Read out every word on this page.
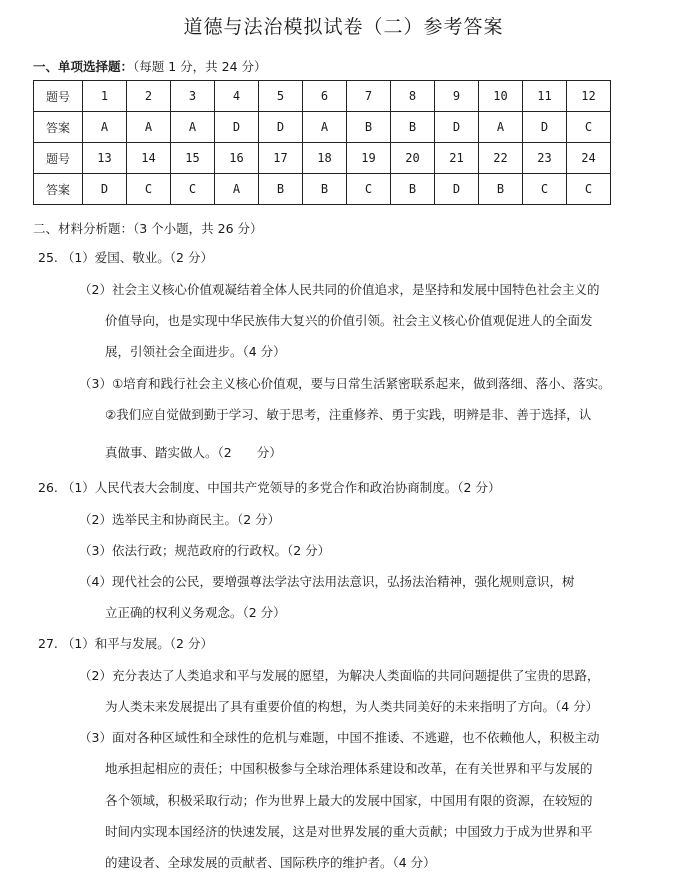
道德与法治模拟试卷（二）参考答案
一、单项选择题：（每题 1 分，共 24 分）
题号	1	2	3	4	5	6	7	8	9	10	11	12
答案	A	A	A	D	D	A	B	B	D	A	D	C
题号	13	14	15	16	17	18	19	20	21	22	23	24
答案	D	C	C	A	B	B	C	B	D	B	C	C
二、材料分析题：（3 个小题，共 26 分）
25. （1）爱国、敬业。（2 分）
（2）社会主义核心价值观凝结着全体人民共同的价值追求，是坚持和发展中国特色社会主义的
价值导向，也是实现中华民族伟大复兴的价值引领。社会主义核心价值观促进人的全面发
展，引领社会全面进步。（4 分）
（3）①培育和践行社会主义核心价值观，要与日常生活紧密联系起来，做到落细、落小、落实。
②我们应自觉做到勤于学习、敏于思考，注重修养、勇于实践，明辨是非、善于选择，认
真做事、踏实做人。（2　　分）
26. （1）人民代表大会制度、中国共产党领导的多党合作和政治协商制度。（2 分）
（2）选举民主和协商民主。（2 分）
（3）依法行政；规范政府的行政权。（2 分）
（4）现代社会的公民，要增强尊法学法守法用法意识，弘扬法治精神，强化规则意识，树
立正确的权利义务观念。（2 分）
27. （1）和平与发展。（2 分）
（2）充分表达了人类追求和平与发展的愿望，为解决人类面临的共同问题提供了宝贵的思路，
为人类未来发展提出了具有重要价值的构想，为人类共同美好的未来指明了方向。（4 分）
（3）面对各种区域性和全球性的危机与难题，中国不推诿、不逃避，也不依赖他人，积极主动
地承担起相应的责任；中国积极参与全球治理体系建设和改革，在有关世界和平与发展的
各个领域，积极采取行动；作为世界上最大的发展中国家，中国用有限的资源，在较短的
时间内实现本国经济的快速发展，这是对世界发展的重大贡献；中国致力于成为世界和平
的建设者、全球发展的贡献者、国际秩序的维护者。（4 分）
